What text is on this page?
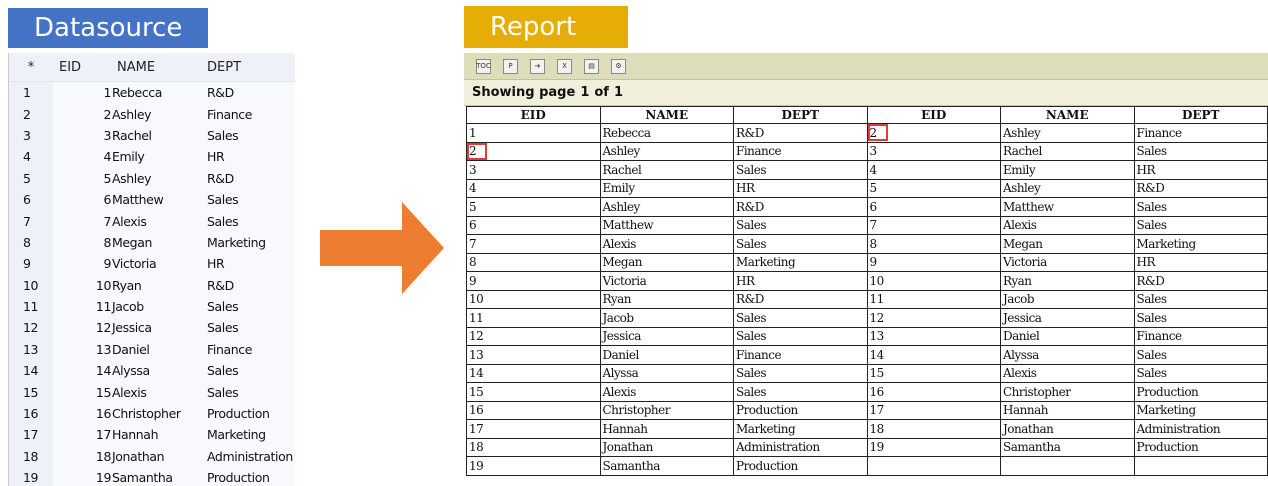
Datasource	Report
*	EID	NAME	DEPT
1	1	Rebecca	R&D
2	2	Ashley	Finance
3	3	Rachel	Sales
4	4	Emily	HR
5	5	Ashley	R&D
6	6	Matthew	Sales
7	7	Alexis	Sales
8	8	Megan	Marketing
9	9	Victoria	HR
10	10	Ryan	R&D
11	11	Jacob	Sales
12	12	Jessica	Sales
13	13	Daniel	Finance
14	14	Alyssa	Sales
15	15	Alexis	Sales
16	16	Christopher	Production
17	17	Hannah	Marketing
18	18	Jonathan	Administration
19	19	Samantha	Production
TOC	P	➔	X	▤	⚙
Showing page 1 of 1
EID	NAME	DEPT	EID	NAME	DEPT
1	Rebecca	R&D	2	Ashley	Finance
2	Ashley	Finance	3	Rachel	Sales
3	Rachel	Sales	4	Emily	HR
4	Emily	HR	5	Ashley	R&D
5	Ashley	R&D	6	Matthew	Sales
6	Matthew	Sales	7	Alexis	Sales
7	Alexis	Sales	8	Megan	Marketing
8	Megan	Marketing	9	Victoria	HR
9	Victoria	HR	10	Ryan	R&D
10	Ryan	R&D	11	Jacob	Sales
11	Jacob	Sales	12	Jessica	Sales
12	Jessica	Sales	13	Daniel	Finance
13	Daniel	Finance	14	Alyssa	Sales
14	Alyssa	Sales	15	Alexis	Sales
15	Alexis	Sales	16	Christopher	Production
16	Christopher	Production	17	Hannah	Marketing
17	Hannah	Marketing	18	Jonathan	Administration
18	Jonathan	Administration	19	Samantha	Production
19	Samantha	Production			
